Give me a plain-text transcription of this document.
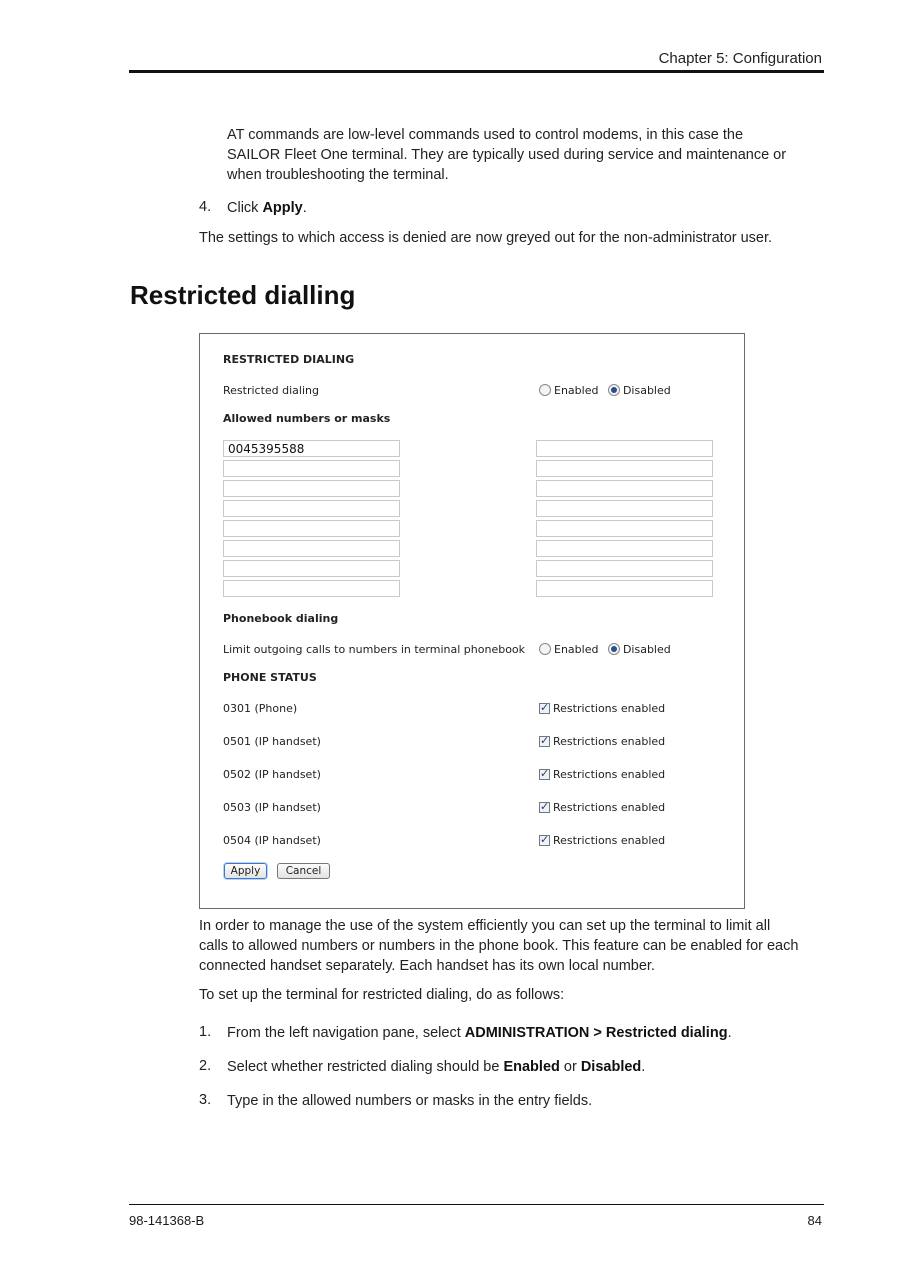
Chapter 5: Configuration
AT commands are low-level commands used to control modems, in this case the
SAILOR Fleet One terminal. They are typically used during service and maintenance or
when troubleshooting the terminal.
4. Click Apply.
The settings to which access is denied are now greyed out for the non-administrator user.
Restricted dialling
RESTRICTED DIALING
Restricted dialing	Enabled Disabled
Allowed numbers or masks
0045395588
Phonebook dialing
Limit outgoing calls to numbers in terminal phonebook	Enabled Disabled
PHONE STATUS
0301 (Phone) ✓	Restrictions enabled
0501 (IP handset) ✓	Restrictions enabled
0502 (IP handset) ✓	Restrictions enabled
0503 (IP handset) ✓	Restrictions enabled
0504 (IP handset) ✓	Restrictions enabled
Apply	Cancel
In order to manage the use of the system efficiently you can set up the terminal to limit all
calls to allowed numbers or numbers in the phone book. This feature can be enabled for each
connected handset separately. Each handset has its own local number.
To set up the terminal for restricted dialing, do as follows:
1. From the left navigation pane, select ADMINISTRATION > Restricted dialing.
2. Select whether restricted dialing should be Enabled or Disabled.
3. Type in the allowed numbers or masks in the entry fields.
98-141368-B	84
